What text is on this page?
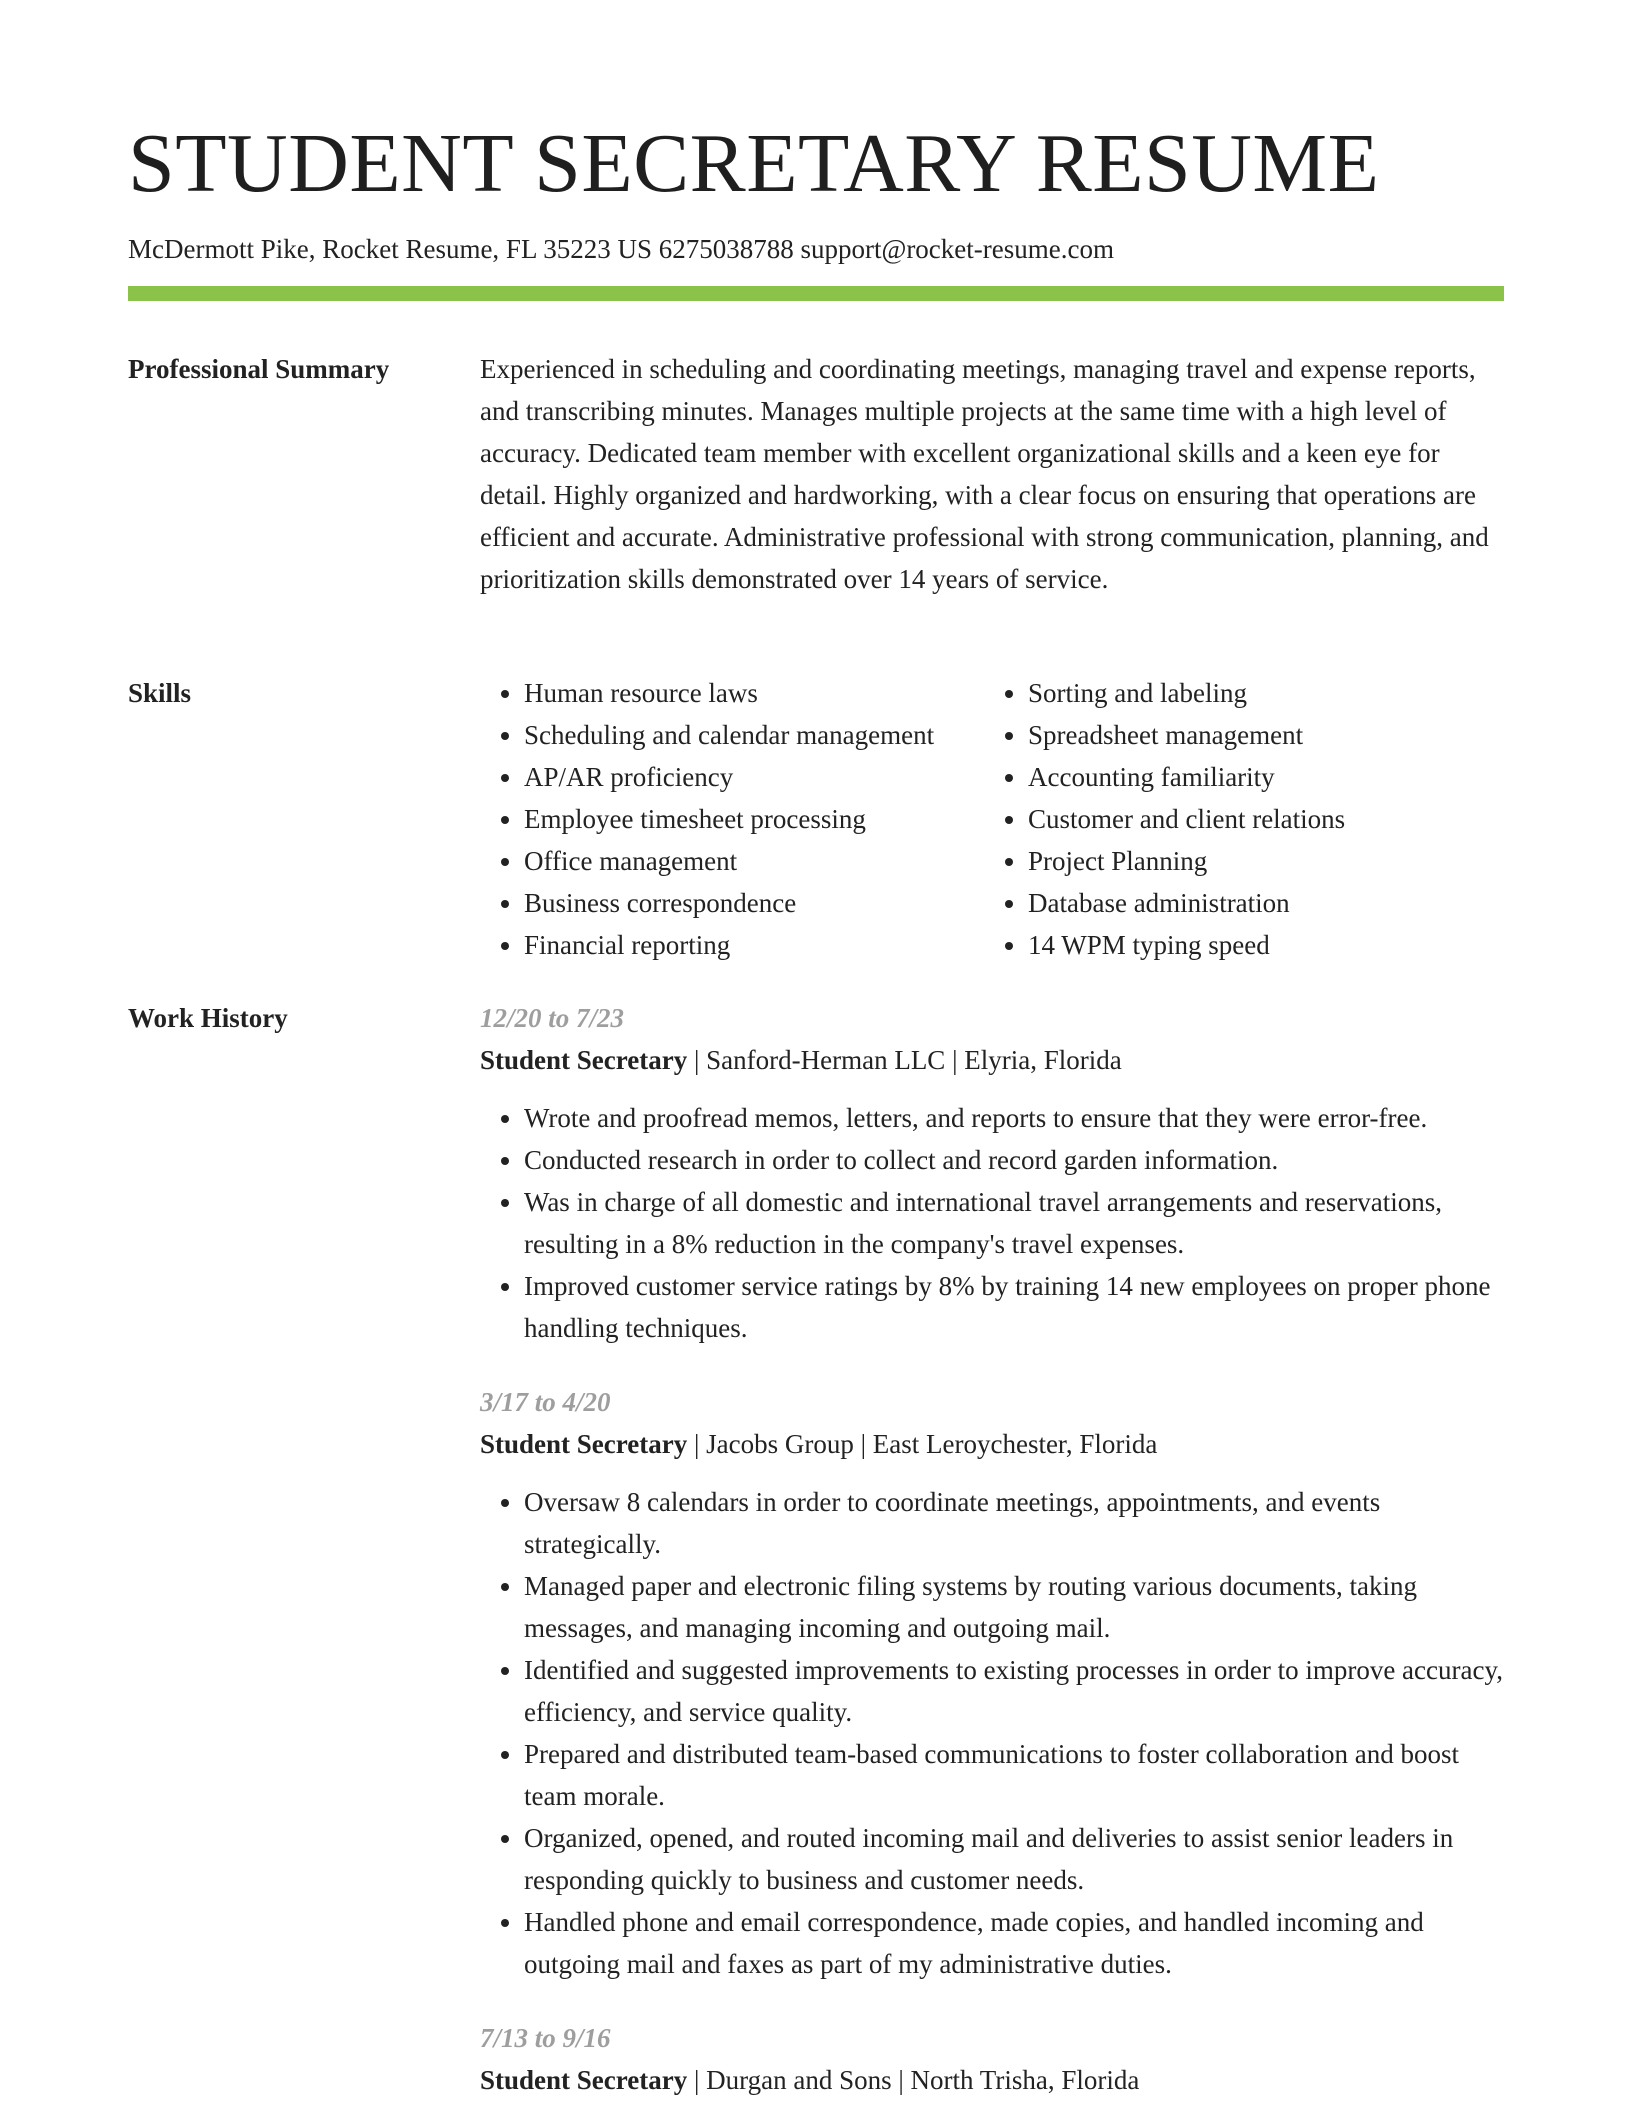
STUDENT SECRETARY RESUME
McDermott Pike, Rocket Resume, FL 35223 US 6275038788 support@rocket-resume.com
Professional Summary	Experienced in scheduling and coordinating meetings, managing travel and expense reports, and transcribing minutes. Manages multiple projects at the same time with a high level of accuracy. Dedicated team member with excellent organizational skills and a keen eye for detail. Highly organized and hardworking, with a clear focus on ensuring that operations are efficient and accurate. Administrative professional with strong communication, planning, and prioritization skills demonstrated over 14 years of service.

Skills
•	Human resource laws
• Scheduling and calendar management
• AP/AR proficiency
• Employee timesheet processing
• Office management
• Business correspondence
• Financial reporting
• Sorting and labeling
• Spreadsheet management
• Accounting familiarity
• Customer and client relations
• Project Planning
• Database administration
• 14 WPM typing speed
Work History	12/20 to 7/23
Student Secretary | Sanford-Herman LLC | Elyria, Florida
• Wrote and proofread memos, letters, and reports to ensure that they were error-free.
• Conducted research in order to collect and record garden information.
• Was in charge of all domestic and international travel arrangements and reservations, resulting in a 8% reduction in the company's travel expenses.
• Improved customer service ratings by 8% by training 14 new employees on proper phone handling techniques.
3/17 to 4/20
Student Secretary | Jacobs Group | East Leroychester, Florida
• Oversaw 8 calendars in order to coordinate meetings, appointments, and events strategically.
• Managed paper and electronic filing systems by routing various documents, taking messages, and managing incoming and outgoing mail.
• Identified and suggested improvements to existing processes in order to improve accuracy, efficiency, and service quality.
• Prepared and distributed team-based communications to foster collaboration and boost team morale.
• Organized, opened, and routed incoming mail and deliveries to assist senior leaders in responding quickly to business and customer needs.
• Handled phone and email correspondence, made copies, and handled incoming and outgoing mail and faxes as part of my administrative duties.
7/13 to 9/16
Student Secretary | Durgan and Sons | North Trisha, Florida
